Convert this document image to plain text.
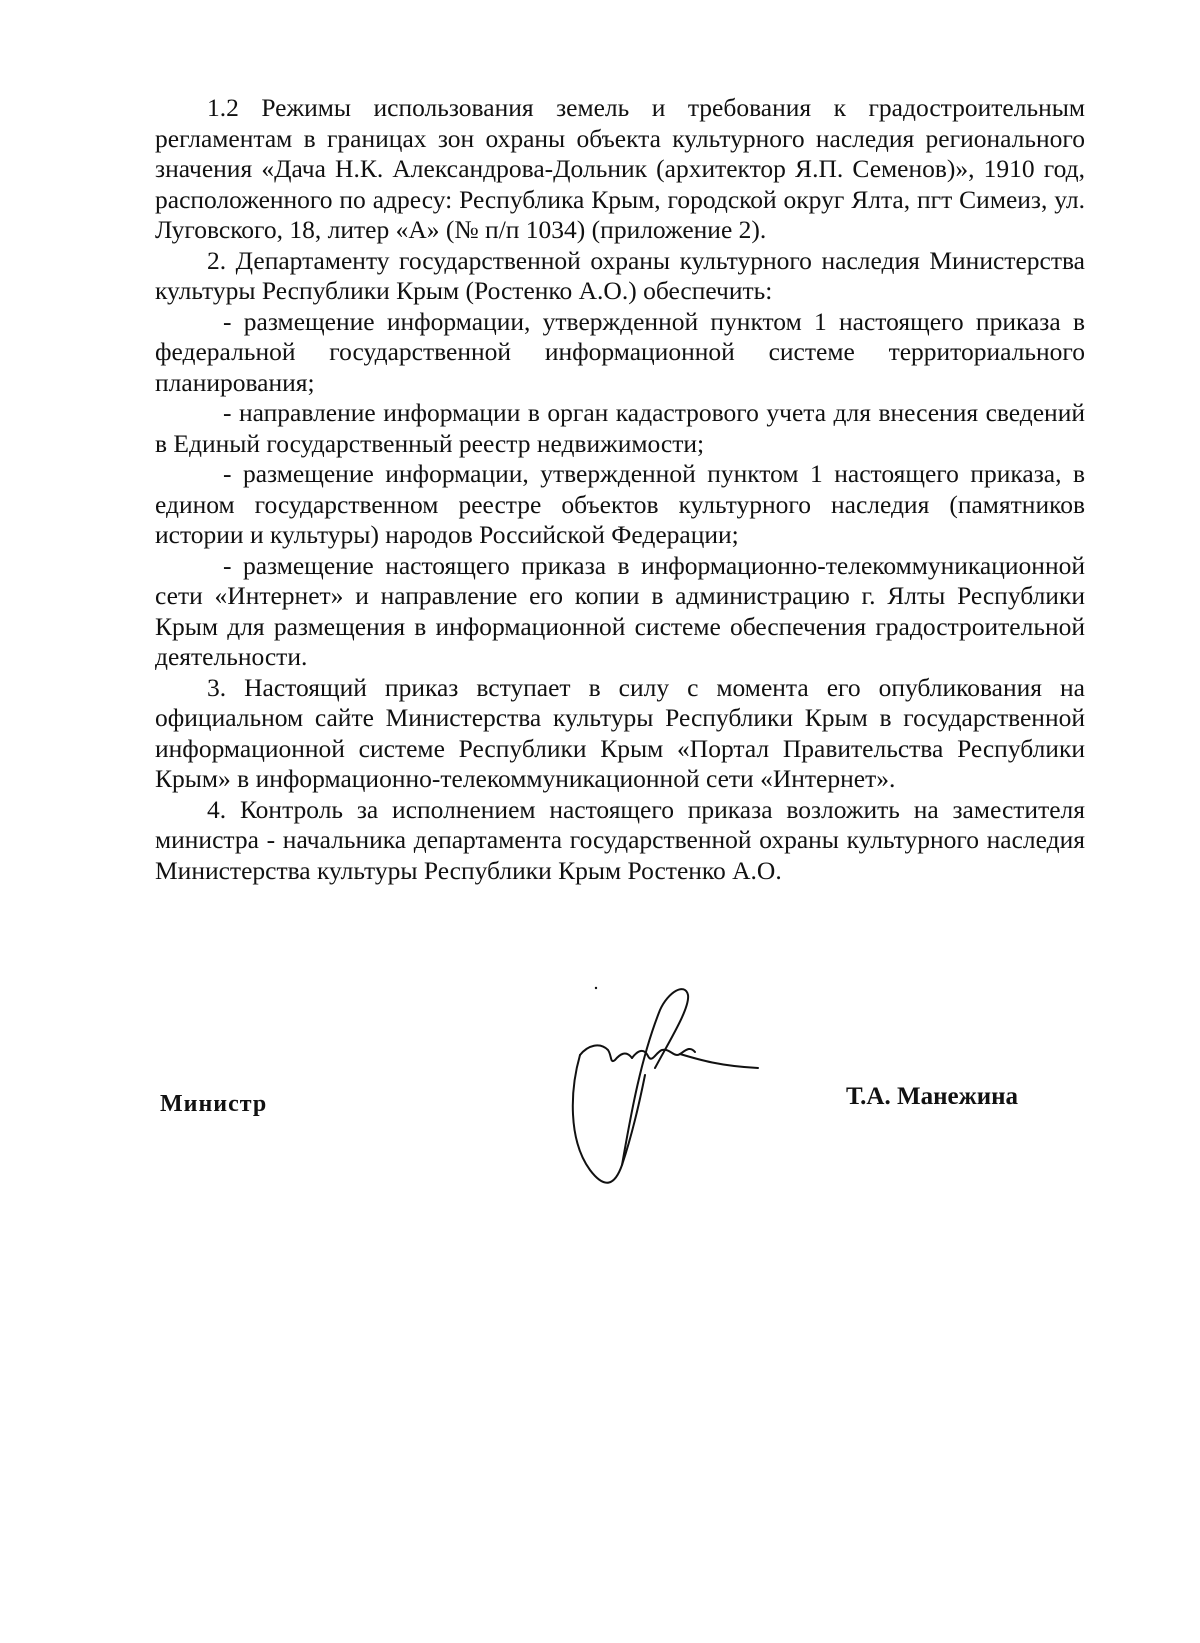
1.2 Режимы использования земель и требования к градостроительным регламентам в границах зон охраны объекта культурного наследия регионального значения «Дача Н.К. Александрова-Дольник (архитектор Я.П. Семенов)», 1910 год, расположенного по адресу: Республика Крым, городской округ Ялта, пгт Симеиз, ул. Луговского, 18, литер «А» (№ п/п 1034) (приложение 2).

2. Департаменту государственной охраны культурного наследия Министерства культуры Республики Крым (Ростенко А.О.) обеспечить:

- размещение информации, утвержденной пунктом 1 настоящего приказа в федеральной государственной информационной системе территориального планирования;

- направление информации в орган кадастрового учета для внесения сведений в Единый государственный реестр недвижимости;

- размещение информации, утвержденной пунктом 1 настоящего приказа, в едином государственном реестре объектов культурного наследия (памятников истории и культуры) народов Российской Федерации;

- размещение настоящего приказа в информационно-телекоммуникационной сети «Интернет» и направление его копии в администрацию г. Ялты Республики Крым для размещения в информационной системе обеспечения градостроительной деятельности.

3. Настоящий приказ вступает в силу с момента его опубликования на официальном сайте Министерства культуры Республики Крым в государственной информационной системе Республики Крым «Портал Правительства Республики Крым» в информационно-телекоммуникационной сети «Интернет».

4. Контроль за исполнением настоящего приказа возложить на заместителя министра - начальника департамента государственной охраны культурного наследия Министерства культуры Республики Крым Ростенко А.О.

Министр	Т.А. Манежина
